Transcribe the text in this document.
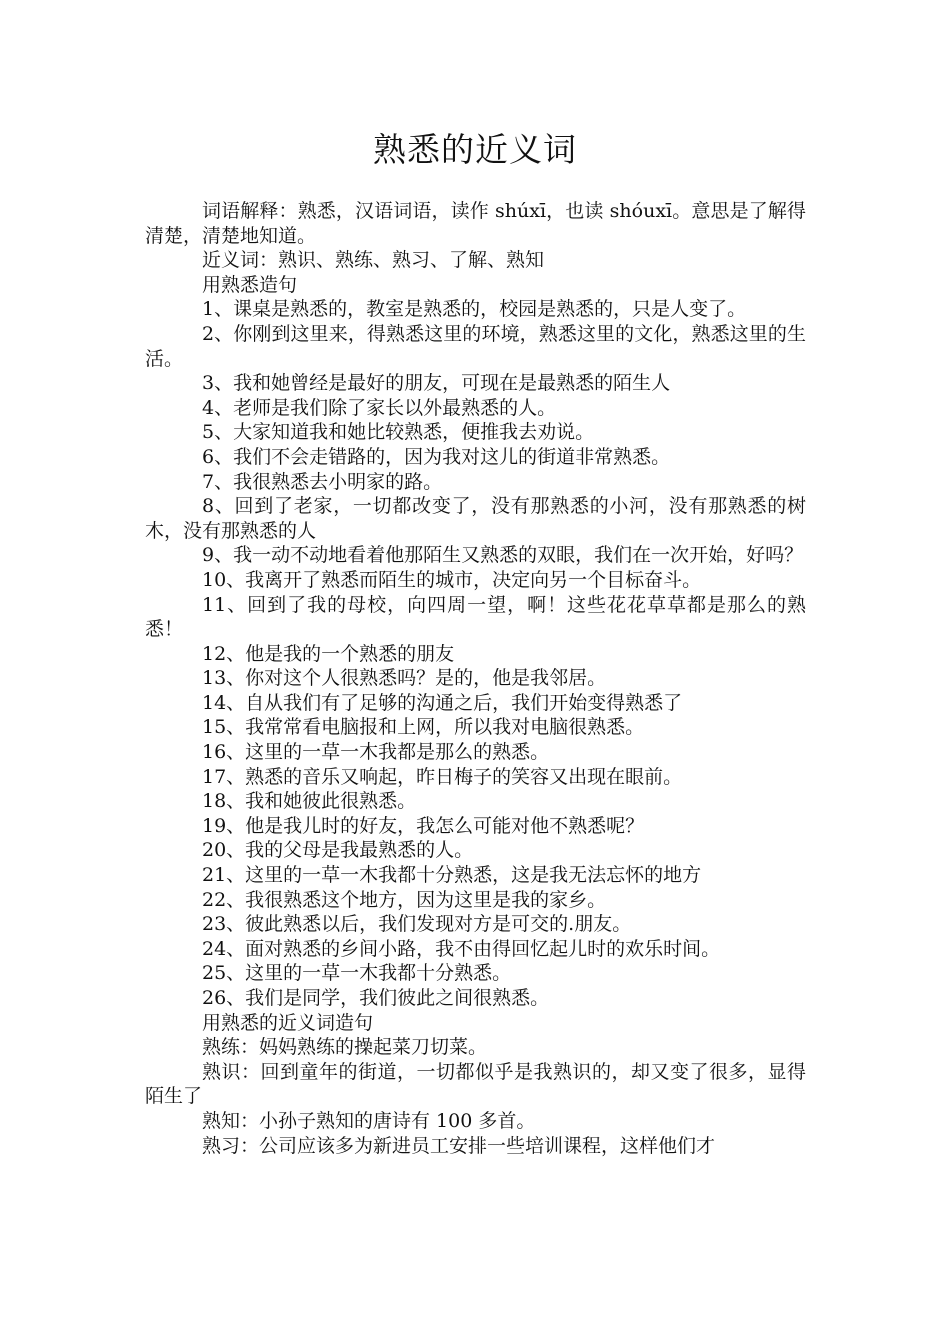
熟悉的近义词

词语解释：熟悉，汉语词语，读作 shúxī，也读 shóuxī。意思是了解得清楚，清楚地知道。

近义词：熟识、熟练、熟习、了解、熟知

用熟悉造句

1、课桌是熟悉的，教室是熟悉的，校园是熟悉的，只是人变了。

2、你刚到这里来，得熟悉这里的环境，熟悉这里的文化，熟悉这里的生活。

3、我和她曾经是最好的朋友，可现在是最熟悉的陌生人

4、老师是我们除了家长以外最熟悉的人。

5、大家知道我和她比较熟悉，便推我去劝说。

6、我们不会走错路的，因为我对这儿的街道非常熟悉。

7、我很熟悉去小明家的路。

8、回到了老家，一切都改变了，没有那熟悉的小河，没有那熟悉的树木，没有那熟悉的人

9、我一动不动地看着他那陌生又熟悉的双眼，我们在一次开始，好吗？

10、我离开了熟悉而陌生的城市，决定向另一个目标奋斗。

11、回到了我的母校，向四周一望，啊！这些花花草草都是那么的熟悉！

12、他是我的一个熟悉的朋友

13、你对这个人很熟悉吗？是的，他是我邻居。

14、自从我们有了足够的沟通之后，我们开始变得熟悉了

15、我常常看电脑报和上网，所以我对电脑很熟悉。

16、这里的一草一木我都是那么的熟悉。

17、熟悉的音乐又响起，昨日梅子的笑容又出现在眼前。

18、我和她彼此很熟悉。

19、他是我儿时的好友，我怎么可能对他不熟悉呢？

20、我的父母是我最熟悉的人。

21、这里的一草一木我都十分熟悉，这是我无法忘怀的地方

22、我很熟悉这个地方，因为这里是我的家乡。

23、彼此熟悉以后，我们发现对方是可交的.朋友。

24、面对熟悉的乡间小路，我不由得回忆起儿时的欢乐时间。

25、这里的一草一木我都十分熟悉。

26、我们是同学，我们彼此之间很熟悉。

用熟悉的近义词造句

熟练：妈妈熟练的操起菜刀切菜。

熟识：回到童年的街道，一切都似乎是我熟识的，却又变了很多，显得陌生了

熟知：小孙子熟知的唐诗有 100 多首。

熟习：公司应该多为新进员工安排一些培训课程，这样他们才
